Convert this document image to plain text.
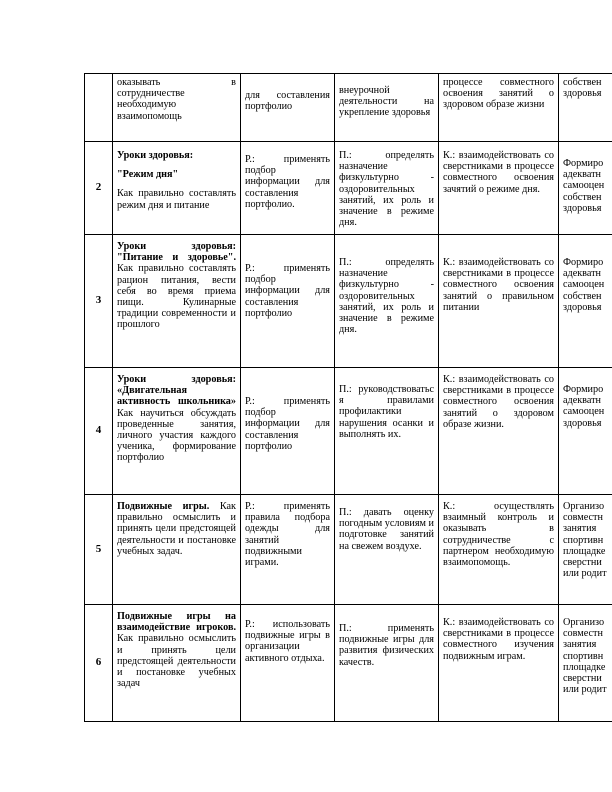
	оказывать в сотрудничестве необходимую взаимопомощь	для составления портфолио	внеурочной деятельности на укрепление здоровья	процессе совместного освоения занятий о здоровом образе жизни	собствен здоровья
2	Уроки здоровья:
"Режим дня"
Как правильно составлять режим дня и питание	Р.: применять подбор информации для составления портфолио.	П.: определять назначение физкультурно - оздоровительных занятий, их роль и значение в режиме дня.	К.: взаимодействовать со сверстниками в процессе совместного освоения зачятий о режиме дня.	Формиро адекватн самооцен собствен здоровья
3	Уроки здоровья: "Питание и здоровье". Как правильно составлять рацион питания, вести себя во время приема пищи. Кулинарные традиции современности и прошлого	Р.: применять подбор информации для составления портфолио	П.: определять назначение физкультурно - оздоровительных занятий, их роль и значение в режиме дня.	К.: взаимодействовать со сверстниками в процессе совместного освоения занятий о правильном питании	Формиро адекватн самооцен собствен здоровья
4	Уроки здоровья: «Двигательная активность школьника» Как научиться обсуждать проведенные занятия, личного участия каждого ученика, формирование портфолио	Р.: применять подбор информации для составления портфолио	П.: руководствоватьс я правилами профилактики нарушения осанки и выполнять их.	К.: взаимодействовать со сверстниками в процессе совместного освоения занятий о здоровом образе жизни.	Формиро адекватн самооцен здоровья
5	Подвижные игры. Как правильно осмыслить и принять цели предстоящей деятельности и постановке учебных задач.	Р.: применять правила подбора одежды для занятий подвижными играми.	П.: давать оценку погодным условиям и подготовке занятий на свежем воздухе.	К.: осуществлять взаимный контроль и оказывать в сотрудничестве с партнером необходимую взаимопомощь.	Организо совместн занятия спортивн площадке сверстни или родит
6	Подвижные игры на взаимодействие игроков. Как правильно осмыслить и принять цели предстоящей деятельности и постановке учебных задач	Р.: использовать подвижные игры в организации активного отдыха.	П.: применять подвижные игры для развития физических качеств.	К.: взаимодействовать со сверстниками в процессе совместного изучения подвижным играм.	Организо совместн занятия спортивн площадке сверстни или родит
